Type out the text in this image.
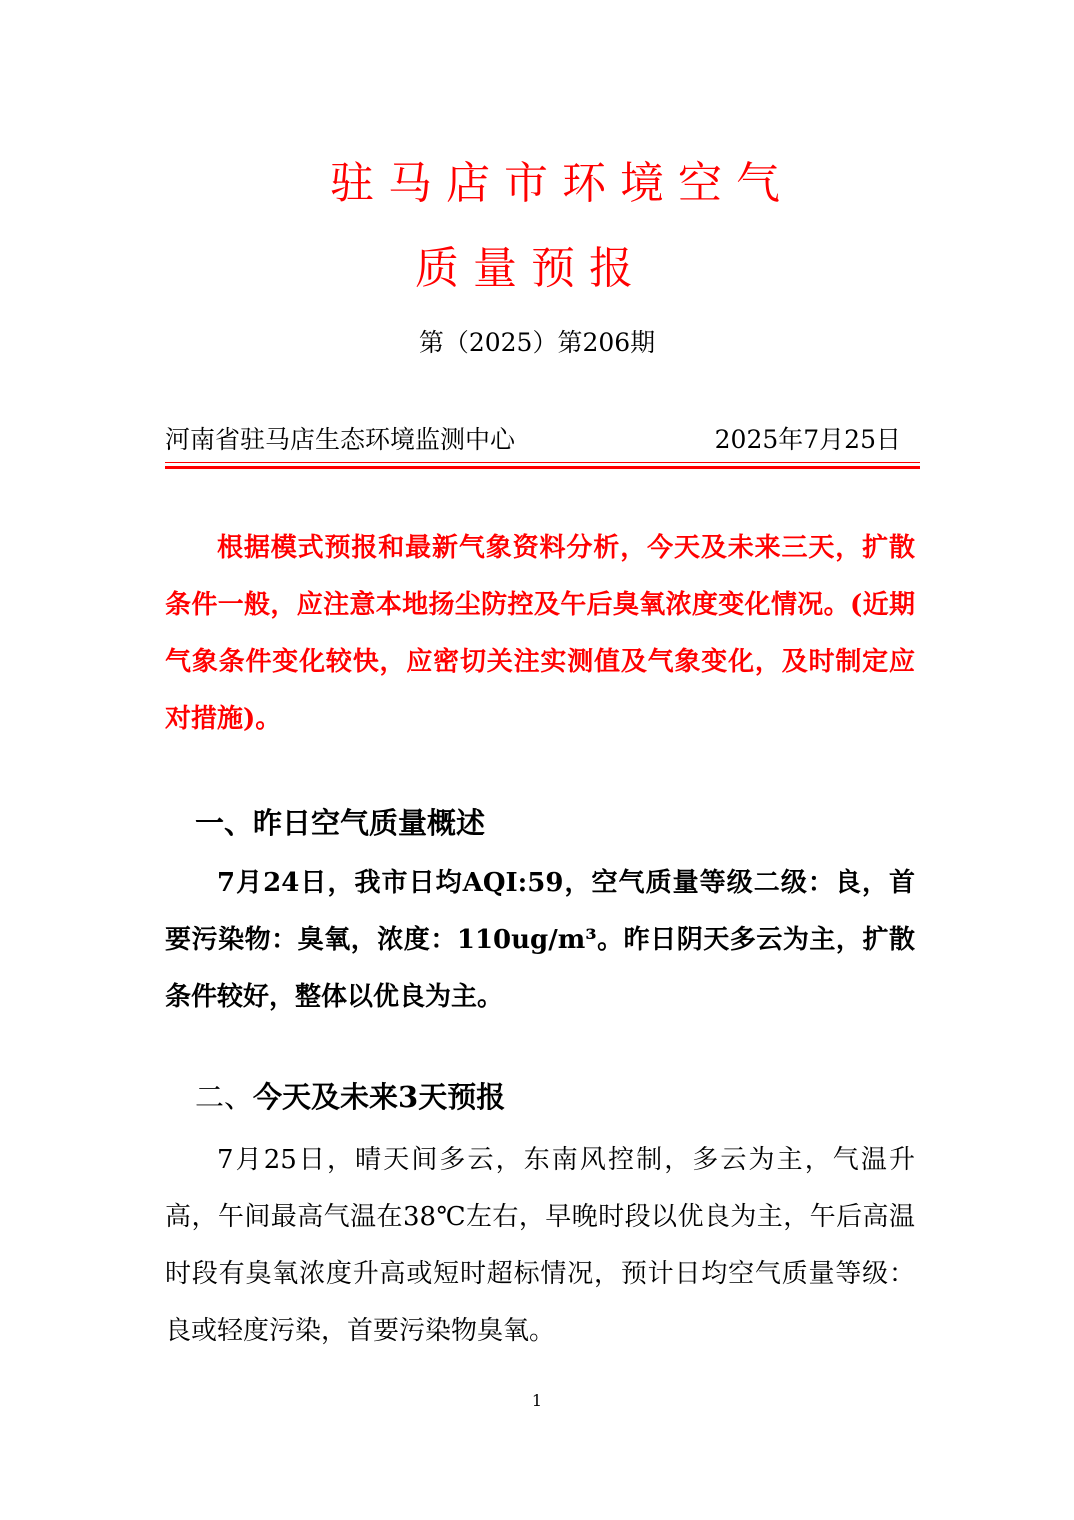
驻马店市环境空气
质量预报
第（2025）第206期
河南省驻马店生态环境监测中心	2025年7月25日

根据模式预报和最新气象资料分析，今天及未来三天，扩散条件一般，应注意本地扬尘防控及午后臭氧浓度变化情况。(近期气象条件变化较快，应密切关注实测值及气象变化，及时制定应对措施)。

一、昨日空气质量概述

7月24日，我市日均AQI:59，空气质量等级二级：良，首要污染物：臭氧，浓度：110ug/m³。昨日阴天多云为主，扩散条件较好，整体以优良为主。

二、今天及未来3天预报

7月25日，晴天间多云，东南风控制，多云为主，气温升高，午间最高气温在38℃左右，早晚时段以优良为主，午后高温时段有臭氧浓度升高或短时超标情况，预计日均空气质量等级：良或轻度污染，首要污染物臭氧。

1
